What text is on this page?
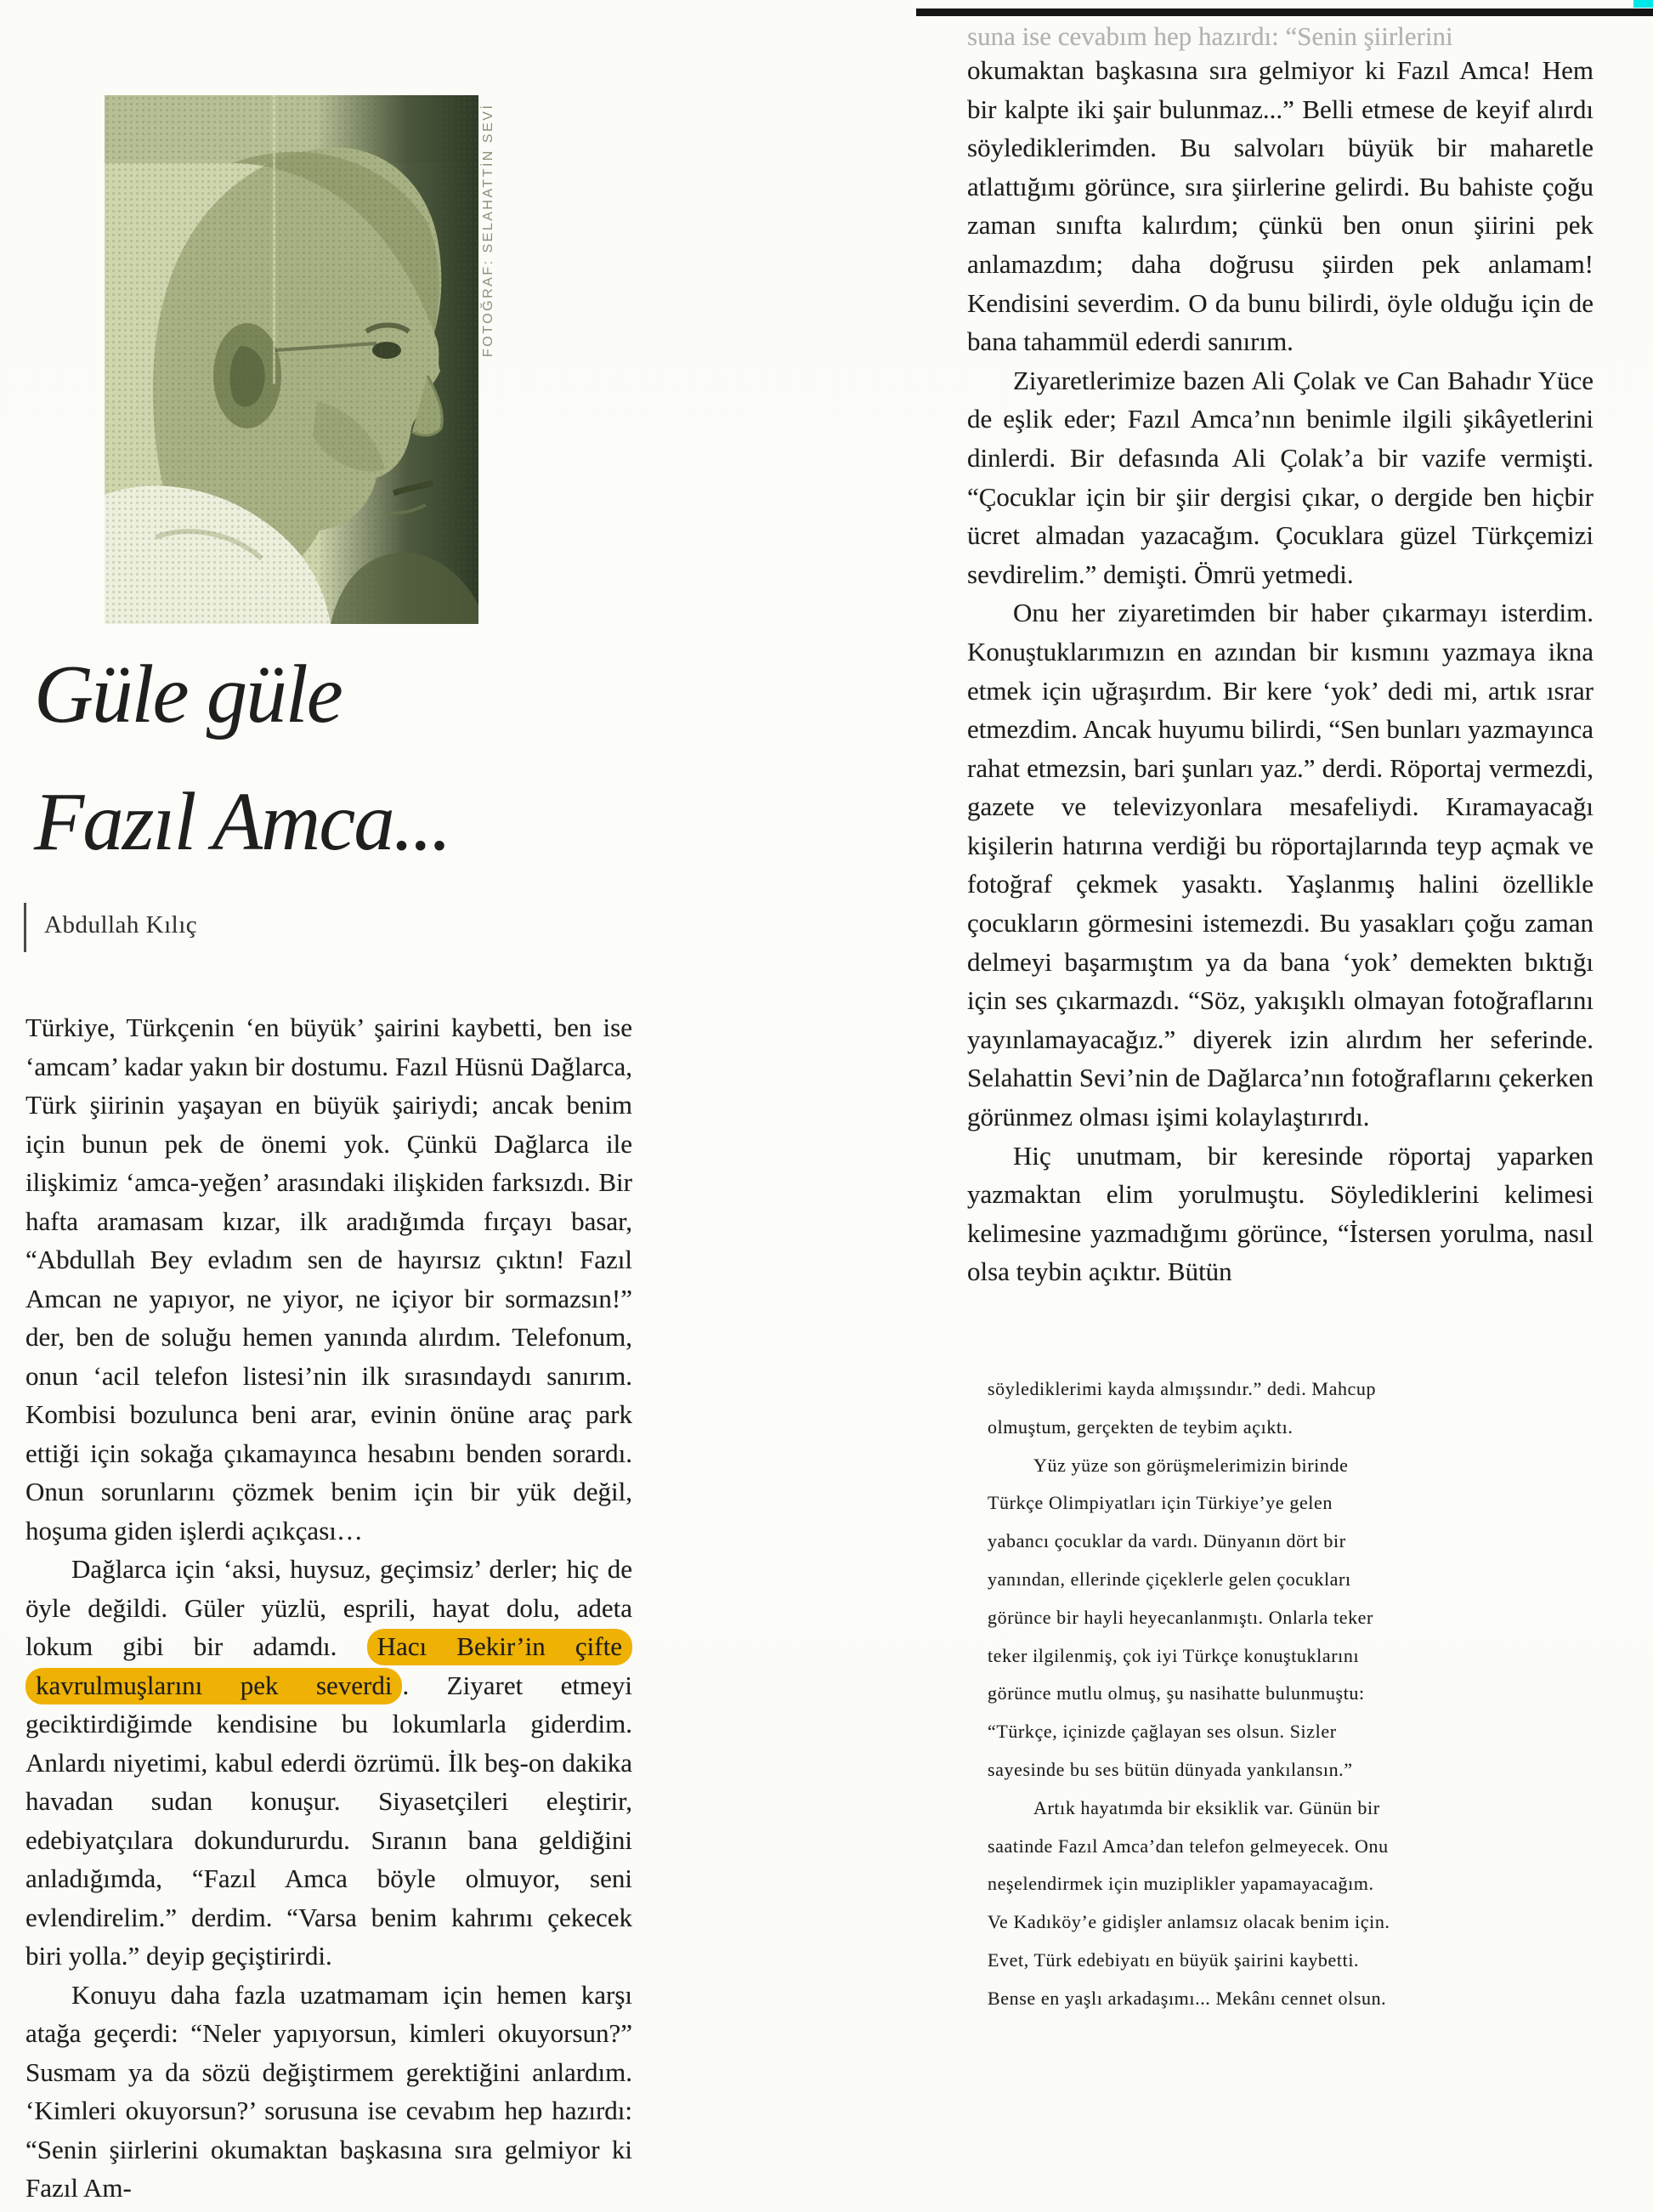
FOTOĞRAF: SELAHATTİN SEVİ
Güle güle
Fazıl Amca...
Abdullah Kılıç

Türkiye, Türkçenin ‘en büyük’ şairini kaybetti, ben ise ‘amcam’ kadar yakın bir dostumu. Fazıl Hüsnü Dağlarca, Türk şiirinin yaşayan en büyük şairiydi; ancak benim için bunun pek de önemi yok. Çünkü Dağlarca ile ilişkimiz ‘amca-yeğen’ arasındaki ilişkiden farksızdı. Bir hafta aramasam kızar, ilk aradığımda fırçayı basar, “Abdullah Bey evladım sen de hayırsız çıktın! Fazıl Amcan ne yapıyor, ne yiyor, ne içiyor bir sormazsın!” der, ben de soluğu hemen yanında alırdım. Telefonum, onun ‘acil telefon listesi’nin ilk sırasındaydı sanırım. Kombisi bozulunca beni arar, evinin önüne araç park ettiği için sokağa çıkamayınca hesabını benden sorardı. Onun sorunlarını çözmek benim için bir yük değil, hoşuma giden işlerdi açıkçası…

Dağlarca için ‘aksi, huysuz, geçimsiz’ derler; hiç de öyle değildi. Güler yüzlü, esprili, hayat dolu, adeta lokum gibi bir adamdı. Hacı Bekir’in çifte kavrulmuşlarını pek severdi . Ziyaret etmeyi geciktirdiğimde kendisine bu lokumlarla giderdim. Anlardı niyetimi, kabul ederdi özrümü. İlk beş-on dakika havadan sudan konuşur. Siyasetçileri eleştirir, edebiyatçılara dokundururdu. Sıranın bana geldiğini anladığımda, “Fazıl Amca böyle olmuyor, seni evlendirelim.” derdim. “Varsa benim kahrımı çekecek biri yolla.” deyip geçiştirirdi.

Konuyu daha fazla uzatmamam için hemen karşı atağa geçerdi: “Neler yapıyorsun, kimleri okuyorsun?” Susmam ya da sözü değiştirmem gerektiğini anlardım. ‘Kimleri okuyorsun?’ sorusuna ise cevabım hep hazırdı: “Senin şiirlerini okumaktan başkasına sıra gelmiyor ki Fazıl Am-

suna ise cevabım hep hazırdı: “Senin şiirlerini

okumaktan başkasına sıra gelmiyor ki Fazıl Amca! Hem bir kalpte iki şair bulunmaz...” Belli etmese de keyif alırdı söylediklerimden. Bu salvoları büyük bir maharetle atlattığımı görünce, sıra şiirlerine gelirdi. Bu bahiste çoğu zaman sınıfta kalırdım; çünkü ben onun şiirini pek anlamazdım; daha doğrusu şiirden pek anlamam! Kendisini severdim. O da bunu bilirdi, öyle olduğu için de bana tahammül ederdi sanırım.

Ziyaretlerimize bazen Ali Çolak ve Can Bahadır Yüce de eşlik eder; Fazıl Amca’nın benimle ilgili şikâyetlerini dinlerdi. Bir defasında Ali Çolak’a bir vazife vermişti. “Çocuklar için bir şiir dergisi çıkar, o dergide ben hiçbir ücret almadan yazacağım. Çocuklara güzel Türkçemizi sevdirelim.” demişti. Ömrü yetmedi.

Onu her ziyaretimden bir haber çıkarmayı isterdim. Konuştuklarımızın en azından bir kısmını yazmaya ikna etmek için uğraşırdım. Bir kere ‘yok’ dedi mi, artık ısrar etmezdim. Ancak huyumu bilirdi, “Sen bunları yazmayınca rahat etmezsin, bari şunları yaz.” derdi. Röportaj vermezdi, gazete ve televizyonlara mesafeliydi. Kıramayacağı kişilerin hatırına verdiği bu röportajlarında teyp açmak ve fotoğraf çekmek yasaktı. Yaşlanmış halini özellikle çocukların görmesini istemezdi. Bu yasakları çoğu zaman delmeyi başarmıştım ya da bana ‘yok’ demekten bıktığı için ses çıkarmazdı. “Söz, yakışıklı olmayan fotoğraflarını yayınlamayacağız.” diyerek izin alırdım her seferinde. Selahattin Sevi’nin de Dağlarca’nın fotoğraflarını çekerken görünmez olması işimi kolaylaştırırdı.

Hiç unutmam, bir keresinde röportaj yaparken yazmaktan elim yorulmuştu. Söylediklerini kelimesi kelimesine yazmadığımı görünce, “İstersen yorulma, nasıl olsa teybin açıktır. Bütün

söylediklerimi kayda almışsındır.” dedi. Mahcup olmuştum, gerçekten de teybim açıktı.

Yüz yüze son görüşmelerimizin birinde Türkçe Olimpiyatları için Türkiye’ye gelen yabancı çocuklar da vardı. Dünyanın dört bir yanından, ellerinde çiçeklerle gelen çocukları görünce bir hayli heyecanlanmıştı. Onlarla teker teker ilgilenmiş, çok iyi Türkçe konuştuklarını görünce mutlu olmuş, şu nasihatte bulunmuştu: “Türkçe, içinizde çağlayan ses olsun. Sizler sayesinde bu ses bütün dünyada yankılansın.”

Artık hayatımda bir eksiklik var. Günün bir saatinde Fazıl Amca’dan telefon gelmeyecek. Onu neşelendirmek için muziplikler yapamayacağım. Ve Kadıköy’e gidişler anlamsız olacak benim için. Evet, Türk edebiyatı en büyük şairini kaybetti. Bense en yaşlı arkadaşımı... Mekânı cennet olsun.
